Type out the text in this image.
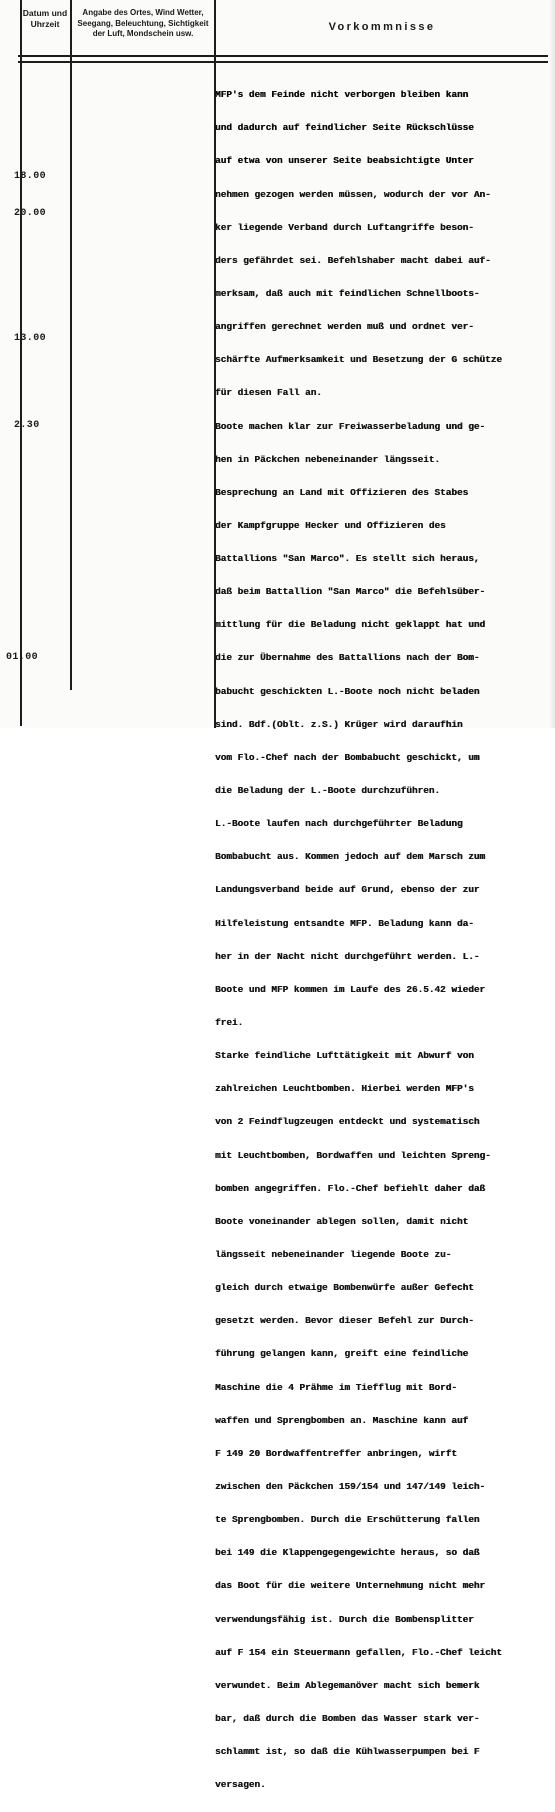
Datum und Uhrzeit
Angabe des Ortes, Wind Wetter, Seegang, Beleuchtung, Sichtigkeit der Luft, Mondschein usw.
Vorkommnisse
18.00
20.00
13.00
2.30
01.00

MFP's dem Feinde nicht verborgen bleiben kann

und dadurch auf feindlicher Seite Rückschlüsse

auf etwa von unserer Seite beabsichtigte Unter

nehmen gezogen werden müssen, wodurch der vor An-

ker liegende Verband durch Luftangriffe beson-

ders gefährdet sei. Befehlshaber macht dabei auf-

merksam, daß auch mit feindlichen Schnellboots-

angriffen gerechnet werden muß und ordnet ver-

schärfte Aufmerksamkeit und Besetzung der G schütze

für diesen Fall an.

Boote machen klar zur Freiwasserbeladung und ge-

hen in Päckchen nebeneinander längsseit.

Besprechung an Land mit Offizieren des Stabes

der Kampfgruppe Hecker und Offizieren des

Battallions "San Marco". Es stellt sich heraus,

daß beim Battallion "San Marco" die Befehlsüber-

mittlung für die Beladung nicht geklappt hat und

die zur Übernahme des Battallions nach der Bom-

babucht geschickten L.-Boote noch nicht beladen

sind. Bdf.(Oblt. z.S.) Krüger wird daraufhin

vom Flo.-Chef nach der Bombabucht geschickt, um

die Beladung der L.-Boote durchzuführen.

L.-Boote laufen nach durchgeführter Beladung

Bombabucht aus. Kommen jedoch auf dem Marsch zum

Landungsverband beide auf Grund, ebenso der zur

Hilfeleistung entsandte MFP. Beladung kann da-

her in der Nacht nicht durchgeführt werden. L.-

Boote und MFP kommen im Laufe des 26.5.42 wieder

frei.

Starke feindliche Lufttätigkeit mit Abwurf von

zahlreichen Leuchtbomben. Hierbei werden MFP's

von 2 Feindflugzeugen entdeckt und systematisch

mit Leuchtbomben, Bordwaffen und leichten Spreng-

bomben angegriffen. Flo.-Chef befiehlt daher daß

Boote voneinander ablegen sollen, damit nicht

längsseit nebeneinander liegende Boote zu-

gleich durch etwaige Bombenwürfe außer Gefecht

gesetzt werden. Bevor dieser Befehl zur Durch-

führung gelangen kann, greift eine feindliche

Maschine die 4 Prähme im Tiefflug mit Bord-

waffen und Sprengbomben an. Maschine kann auf

F 149 20 Bordwaffentreffer anbringen, wirft

zwischen den Päckchen 159/154 und 147/149 leich-

te Sprengbomben. Durch die Erschütterung fallen

bei 149 die Klappengegengewichte heraus, so daß

das Boot für die weitere Unternehmung nicht mehr

verwendungsfähig ist. Durch die Bombensplitter

auf F 154 ein Steuermann gefallen, Flo.-Chef leicht

verwundet. Beim Ablegemanöver macht sich bemerk

bar, daß durch die Bomben das Wasser stark ver-

schlammt ist, so daß die Kühlwasserpumpen bei F

versagen.
